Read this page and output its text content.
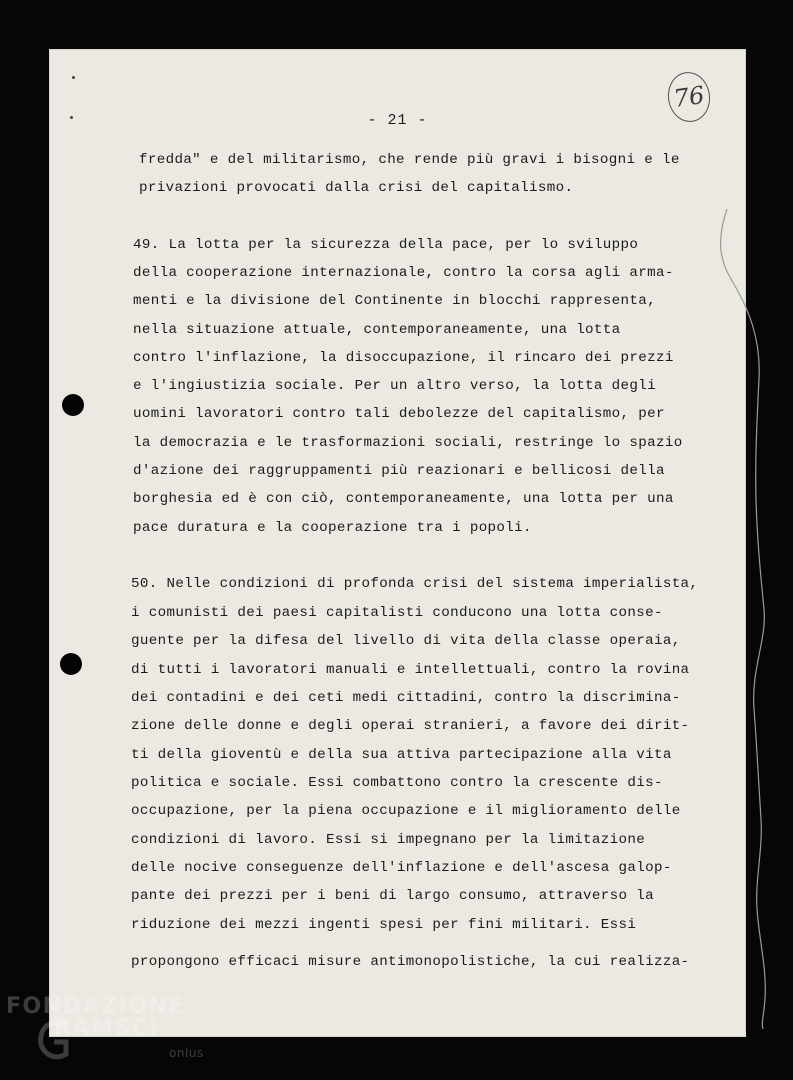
- 21 -
76
fredda" e del militarismo, che rende più gravi i bisogni e le
privazioni provocati dalla crisi del capitalismo.
49. La lotta per la sicurezza della pace, per lo sviluppo
della cooperazione internazionale, contro la corsa agli arma-
menti e la divisione del Continente in blocchi rappresenta,
nella situazione attuale, contemporaneamente, una lotta
contro l'inflazione, la disoccupazione, il rincaro dei prezzi
e l'ingiustizia sociale. Per un altro verso, la lotta degli
uomini lavoratori contro tali debolezze del capitalismo, per
la democrazia e le trasformazioni sociali, restringe lo spazio
d'azione dei raggruppamenti più reazionari e bellicosi della
borghesia ed è con ciò, contemporaneamente, una lotta per una
pace duratura e la cooperazione tra i popoli.
50. Nelle condizioni di profonda crisi del sistema imperialista,
i comunisti dei paesi capitalisti conducono una lotta conse-
guente per la difesa del livello di vita della classe operaia,
di tutti i lavoratori manuali e intellettuali, contro la rovina
dei contadini e dei ceti medi cittadini, contro la discrimina-
zione delle donne e degli operai stranieri, a favore dei dirit-
ti della gioventù e della sua attiva partecipazione alla vita
politica e sociale. Essi combattono contro la crescente dis-
occupazione, per la piena occupazione e il miglioramento delle
condizioni di lavoro. Essi si impegnano per la limitazione
delle nocive conseguenze dell'inflazione e dell'ascesa galop-
pante dei prezzi per i beni di largo consumo, attraverso la
riduzione dei mezzi ingenti spesi per fini militari. Essi
propongono efficaci misure antimonopolistiche, la cui realizza-
FONDAZIONE
RAMSCI
onlus
